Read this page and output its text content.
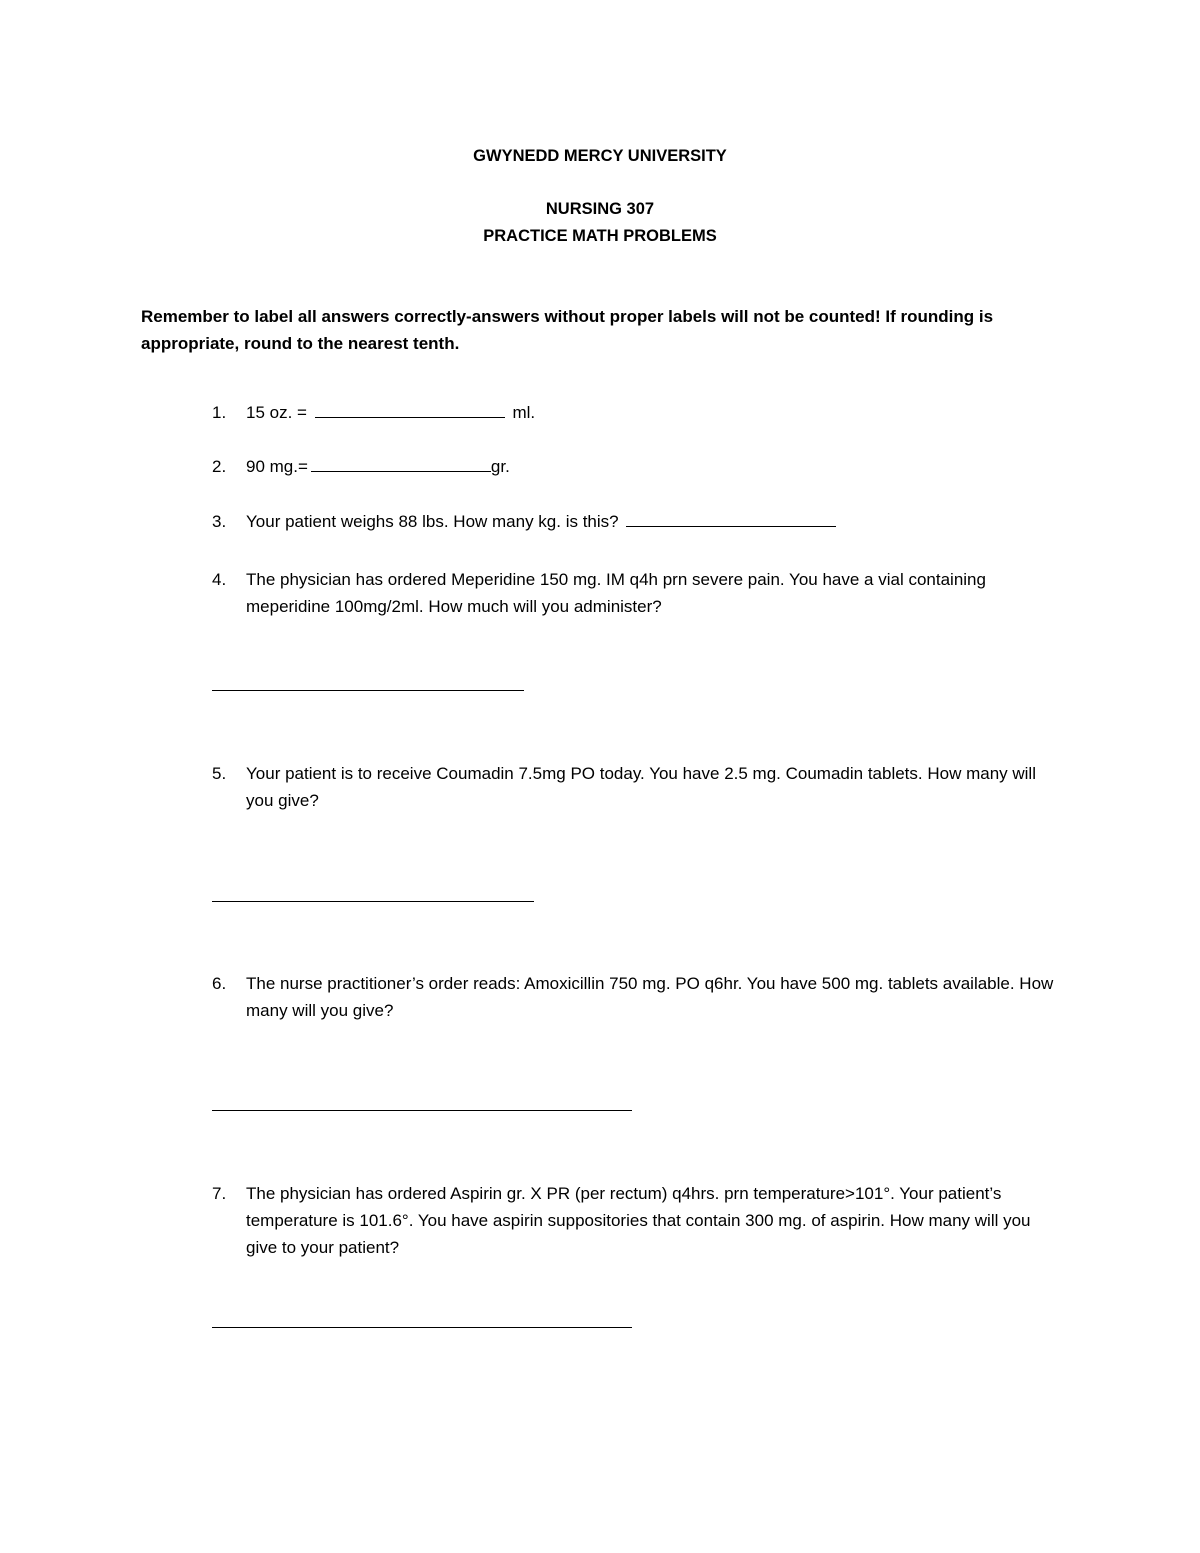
GWYNEDD MERCY UNIVERSITY
NURSING 307
PRACTICE MATH PROBLEMS
Remember to label all answers correctly-answers without proper labels will not be counted! If rounding is appropriate, round to the nearest tenth.
1.	15 oz. =	ml.
2.	90 mg.=	gr.
3.	Your patient weighs 88 lbs. How many kg. is this?
4.	The physician has ordered Meperidine 150 mg. IM q4h prn severe pain. You have a vial containing meperidine 100mg/2ml. How much will you administer?
5.	Your patient is to receive Coumadin 7.5mg PO today. You have 2.5 mg. Coumadin tablets. How many will you give?
6.	The nurse practitioner’s order reads: Amoxicillin 750 mg. PO q6hr. You have 500 mg. tablets available. How many will you give?
7.	The physician has ordered Aspirin gr. X PR (per rectum) q4hrs. prn temperature>101°. Your patient’s temperature is 101.6°. You have aspirin suppositories that contain 300 mg. of aspirin. How many will you give to your patient?
